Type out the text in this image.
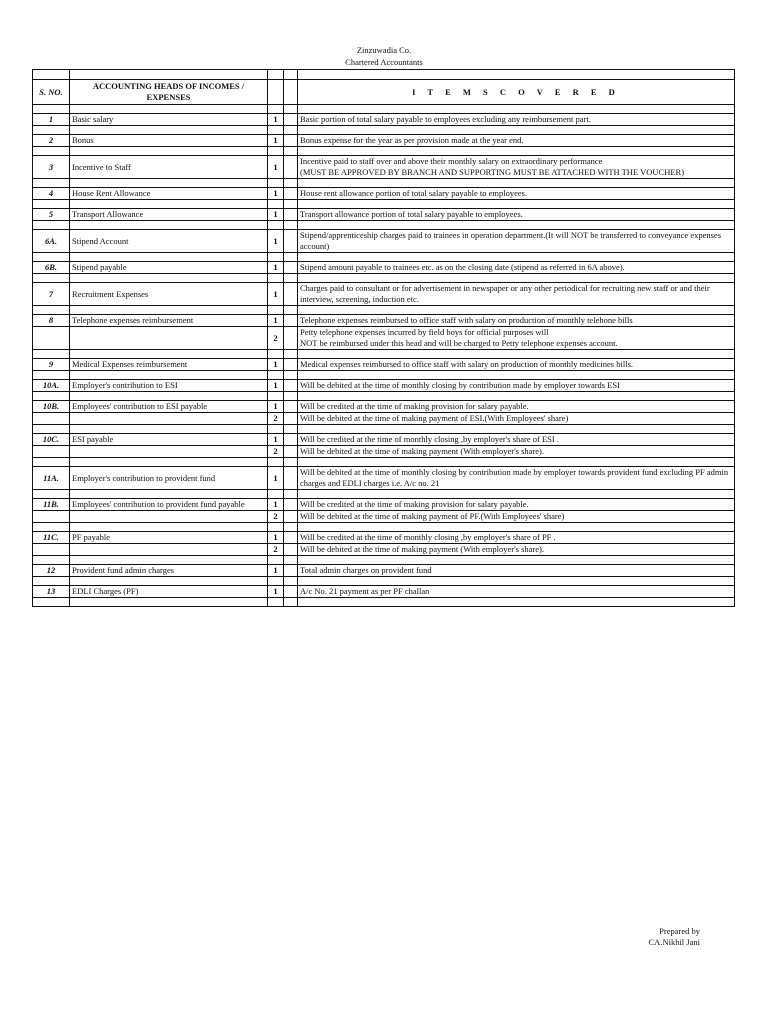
Zinzuwadia Co.
Chartered Accountants

S. NO.	ACCOUNTING HEADS OF INCOMES / EXPENSES			I T E M S C O V E R E D

1	Basic salary	1		Basic portion of total salary payable to employees excluding any reimbursement part.

2	Bonus	1		Bonus expense for the year as per provision made at the year end.

3	Incentive to Staff	1		Incentive paid to staff over and above their monthly salary on extraordinary performance
(MUST BE APPROVED BY BRANCH AND SUPPORTING MUST BE ATTACHED WITH THE VOUCHER)

4	House Rent Allowance	1		House rent allowance portion of total salary payable to employees.

5	Transport Allowance	1		Transport allowance portion of total salary payable to employees.

6A.	Stipend Account	1		Stipend/apprenticeship charges paid to trainees in operation department.(It will NOT be transferred to conveyance expenses account)

6B.	Stipend payable	1		Stipend amount payable to trainees etc. as on the closing date (stipend as referred in 6A above).

7	Recruitment Expenses	1		Charges paid to consultant or for advertisement in newspaper or any other periodical for recruiting new staff or and their interview, screening, induction etc.

8	Telephone expenses reimbursement	1		Telephone expenses reimbursed to office staff with salary on production of monthly telehone bills
		2		Petty telephone expenses incurred by field boys for official purposes will
NOT be reimbursed under this head and will be charged to Petty telephone expenses account.

9	Medical Expenses reimbursement	1		Medical expenses reimbursed to office staff with salary on production of monthly medicines bills.

10A.	Employer's contribution to ESI	1		Will be debited at the time of monthly closing by contribution made by employer towards ESI

10B.	Employees' contribution to ESI payable	1		Will be credited at the time of making provision for salary payable.
		2		Will be debited at the time of making payment of ESI.(With Employees' share)

10C.	ESI payable	1		Will be credited at the time of monthly closing ,by employer's share of ESI .
		2		Will be debited at the time of making payment (With employer's share).

11A.	Employer's contribution to provident fund	1		Will be debited at the time of monthly closing by contribution made by employer towards provident fund excluding PF admin charges and EDLI charges i.e. A/c no. 21

11B.	Employees' contribution to provident fund payable	1		Will be credited at the time of making provision for salary payable.
		2		Will be debited at the time of making payment of PF.(With Employees' share)

11C.	PF payable	1		Will be credited at the time of monthly closing ,by employer's share of PF .
		2		Will be debited at the time of making payment (With employer's share).

12	Provident fund admin charges	1		Total admin charges on provident fund

13	EDLI Charges (PF)	1		A/c No. 21 payment as per PF challan

Prepared by
CA.Nikhil Jani
